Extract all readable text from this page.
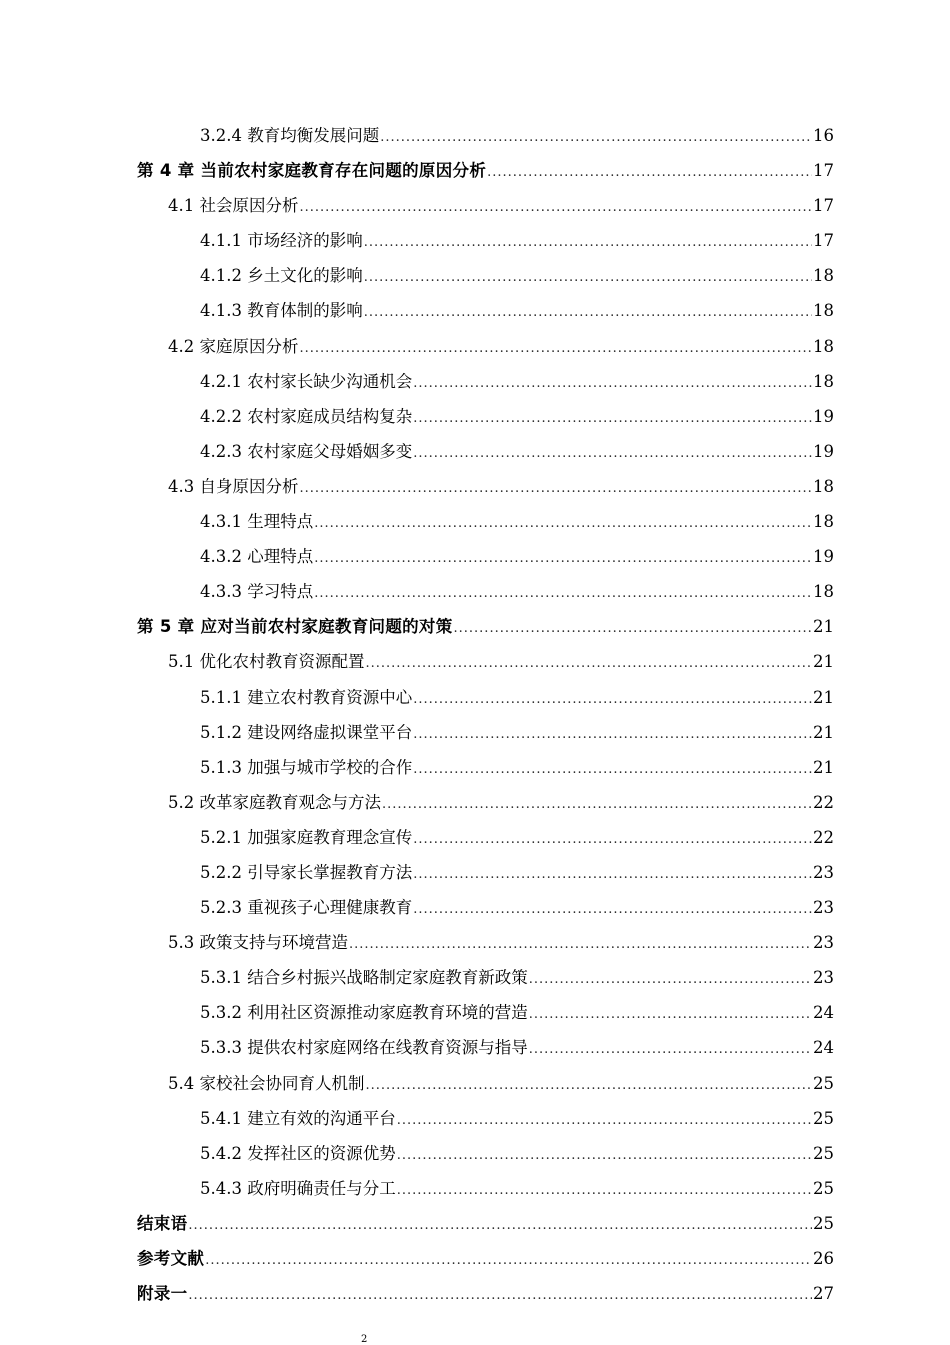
3.2.4 教育均衡发展问题 .....	16
第 4 章 当前农村家庭教育存在问题的原因分析 .....	17
4.1 社会原因分析 .....	17
4.1.1 市场经济的影响 .....	17
4.1.2 乡土文化的影响 .....	18
4.1.3 教育体制的影响 .....	18
4.2 家庭原因分析 .....	18
4.2.1 农村家长缺少沟通机会 .....	18
4.2.2 农村家庭成员结构复杂 .....	19
4.2.3 农村家庭父母婚姻多变 .....	19
4.3 自身原因分析 .....	18
4.3.1 生理特点 .....	18
4.3.2 心理特点 .....	19
4.3.3 学习特点 .....	18
第 5 章 应对当前农村家庭教育问题的对策 .....	21
5.1 优化农村教育资源配置 .....	21
5.1.1 建立农村教育资源中心 .....	21
5.1.2 建设网络虚拟课堂平台 .....	21
5.1.3 加强与城市学校的合作 .....	21
5.2 改革家庭教育观念与方法 .....	22
5.2.1 加强家庭教育理念宣传 .....	22
5.2.2 引导家长掌握教育方法 .....	23
5.2.3 重视孩子心理健康教育 .....	23
5.3 政策支持与环境营造 .....	23
5.3.1 结合乡村振兴战略制定家庭教育新政策 .....	23
5.3.2 利用社区资源推动家庭教育环境的营造 .....	24
5.3.3 提供农村家庭网络在线教育资源与指导 .....	24
5.4 家校社会协同育人机制 .....	25
5.4.1 建立有效的沟通平台 .....	25
5.4.2 发挥社区的资源优势 .....	25
5.4.3 政府明确责任与分工 .....	25
结束语 .....	25
参考文献 .....	26
附录一 .....	27
2
